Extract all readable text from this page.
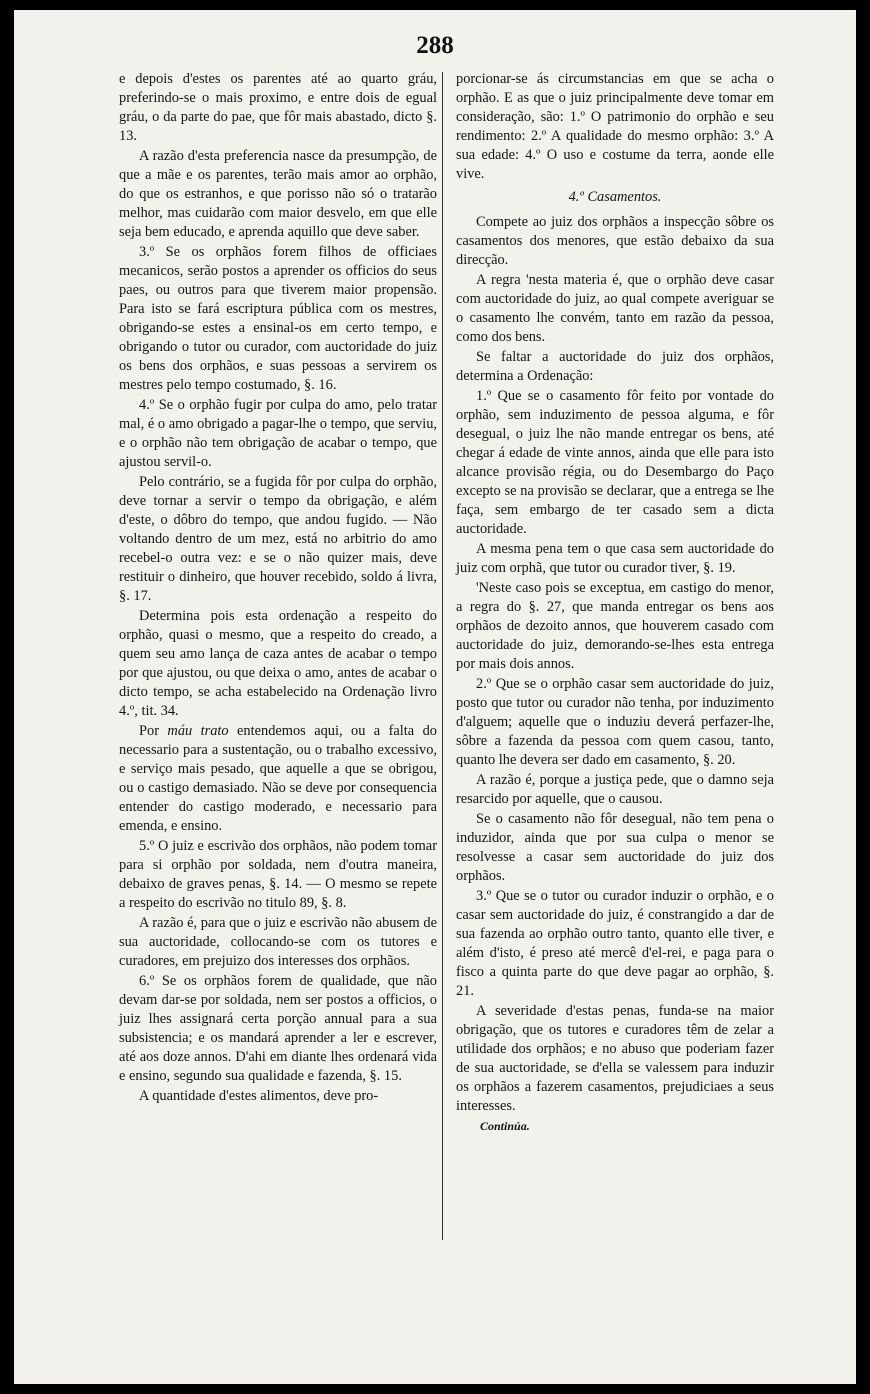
288

e depois d'estes os parentes até ao quarto gráu, preferindo-se o mais proximo, e entre dois de egual gráu, o da parte do pae, que fôr mais abastado, dicto §. 13.

A razão d'esta preferencia nasce da presumpção, de que a mãe e os parentes, terão mais amor ao orphão, do que os estranhos, e que porisso não só o tratarão melhor, mas cuidarão com maior desvelo, em que elle seja bem educado, e aprenda aquillo que deve saber.

3.º Se os orphãos forem filhos de officiaes mecanicos, serão postos a aprender os officios do seus paes, ou outros para que tiverem maior propensão. Para isto se fará escriptura pública com os mestres, obrigando-se estes a ensinal-os em certo tempo, e obrigando o tutor ou curador, com auctoridade do juiz os bens dos orphãos, e suas pessoas a servirem os mestres pelo tempo costumado, §. 16.

4.º Se o orphão fugir por culpa do amo, pelo tratar mal, é o amo obrigado a pagar-lhe o tempo, que serviu, e o orphão não tem obrigação de acabar o tempo, que ajustou servil-o.

Pelo contrário, se a fugida fôr por culpa do orphão, deve tornar a servir o tempo da obrigação, e além d'este, o dôbro do tempo, que andou fugido. — Não voltando dentro de um mez, está no arbitrio do amo recebel-o outra vez: e se o não quizer mais, deve restituir o dinheiro, que houver recebido, soldo á livra, §. 17.

Determina pois esta ordenação a respeito do orphão, quasi o mesmo, que a respeito do creado, a quem seu amo lança de caza antes de acabar o tempo por que ajustou, ou que deixa o amo, antes de acabar o dicto tempo, se acha estabelecido na Ordenação livro 4.º, tit. 34.

Por máu trato entendemos aqui, ou a falta do necessario para a sustentação, ou o trabalho excessivo, e serviço mais pesado, que aquelle a que se obrigou, ou o castigo demasiado. Não se deve por consequencia entender do castigo moderado, e necessario para emenda, e ensino.

5.º O juiz e escrivão dos orphãos, não podem tomar para si orphão por soldada, nem d'outra maneira, debaixo de graves penas, §. 14. — O mesmo se repete a respeito do escrivão no titulo 89, §. 8.

A razão é, para que o juiz e escrivão não abusem de sua auctoridade, collocando-se com os tutores e curadores, em prejuizo dos interesses dos orphãos.

6.º Se os orphãos forem de qualidade, que não devam dar-se por soldada, nem ser postos a officios, o juiz lhes assignará certa porção annual para a sua subsistencia; e os mandará aprender a ler e escrever, até aos doze annos. D'ahi em diante lhes ordenará vida e ensino, segundo sua qualidade e fazenda, §. 15.

A quantidade d'estes alimentos, deve pro-

porcionar-se ás circumstancias em que se acha o orphão. E as que o juiz principalmente deve tomar em consideração, são: 1.º O patrimonio do orphão e seu rendimento: 2.º A qualidade do mesmo orphão: 3.º A sua edade: 4.º O uso e costume da terra, aonde elle vive.

4.º Casamentos.

Compete ao juiz dos orphãos a inspecção sôbre os casamentos dos menores, que estão debaixo da sua direcção.

A regra 'nesta materia é, que o orphão deve casar com auctoridade do juiz, ao qual compete averiguar se o casamento lhe convém, tanto em razão da pessoa, como dos bens.

Se faltar a auctoridade do juiz dos orphãos, determina a Ordenação:

1.º Que se o casamento fôr feito por vontade do orphão, sem induzimento de pessoa alguma, e fôr desegual, o juiz lhe não mande entregar os bens, até chegar á edade de vinte annos, ainda que elle para isto alcance provisão régia, ou do Desembargo do Paço excepto se na provisão se declarar, que a entrega se lhe faça, sem embargo de ter casado sem a dicta auctoridade.

A mesma pena tem o que casa sem auctoridade do juiz com orphã, que tutor ou curador tiver, §. 19.

'Neste caso pois se exceptua, em castigo do menor, a regra do §. 27, que manda entregar os bens aos orphãos de dezoito annos, que houverem casado com auctoridade do juiz, demorando-se-lhes esta entrega por mais dois annos.

2.º Que se o orphão casar sem auctoridade do juiz, posto que tutor ou curador não tenha, por induzimento d'alguem; aquelle que o induziu deverá perfazer-lhe, sôbre a fazenda da pessoa com quem casou, tanto, quanto lhe devera ser dado em casamento, §. 20.

A razão é, porque a justiça pede, que o damno seja resarcido por aquelle, que o causou.

Se o casamento não fôr desegual, não tem pena o induzidor, ainda que por sua culpa o menor se resolvesse a casar sem auctoridade do juiz dos orphãos.

3.º Que se o tutor ou curador induzir o orphão, e o casar sem auctoridade do juiz, é constrangido a dar de sua fazenda ao orphão outro tanto, quanto elle tiver, e além d'isto, é preso até mercê d'el-rei, e paga para o fisco a quinta parte do que deve pagar ao orphão, §. 21.

A severidade d'estas penas, funda-se na maior obrigação, que os tutores e curadores têm de zelar a utilidade dos orphãos; e no abuso que poderiam fazer de sua auctoridade, se d'ella se valessem para induzir os orphãos a fazerem casamentos, prejudiciaes a seus interesses.

Continúa.
